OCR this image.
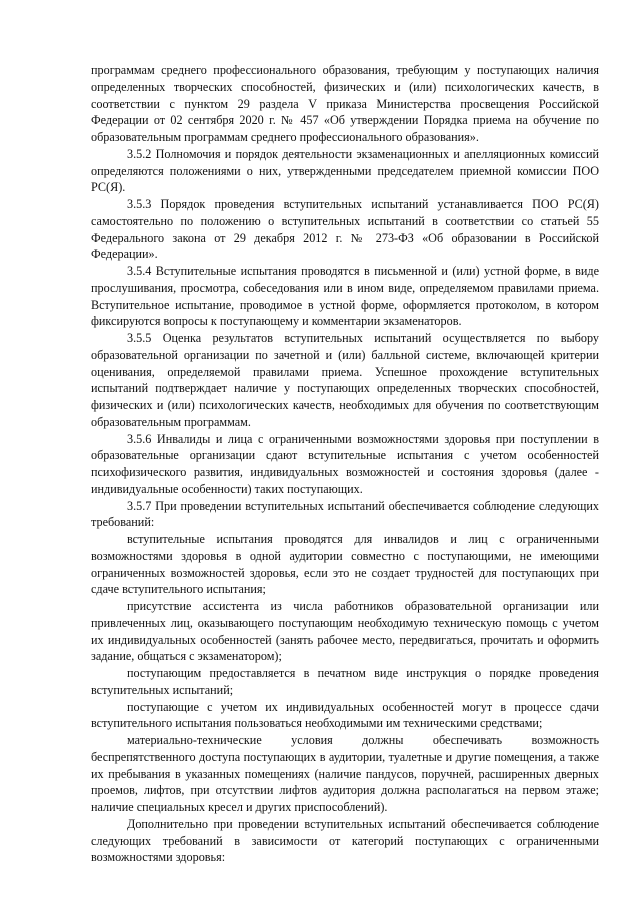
программам среднего профессионального образования, требующим у поступающих наличия определенных творческих способностей, физических и (или) психологических качеств, в соответствии с пунктом 29 раздела V приказа Министерства просвещения Российской Федерации от 02 сентября 2020 г. № 457 «Об утверждении Порядка приема на обучение по образовательным программам среднего профессионального образования».

3.5.2 Полномочия и порядок деятельности экзаменационных и апелляционных комиссий определяются положениями о них, утвержденными председателем приемной комиссии ПОО РС(Я).

3.5.3 Порядок проведения вступительных испытаний устанавливается ПОО РС(Я) самостоятельно по положению о вступительных испытаний в соответствии со статьей 55 Федерального закона от 29 декабря 2012 г. № 273-ФЗ «Об образовании в Российской Федерации».

3.5.4 Вступительные испытания проводятся в письменной и (или) устной форме, в виде прослушивания, просмотра, собеседования или в ином виде, определяемом правилами приема. Вступительное испытание, проводимое в устной форме, оформляется протоколом, в котором фиксируются вопросы к поступающему и комментарии экзаменаторов.

3.5.5 Оценка результатов вступительных испытаний осуществляется по выбору образовательной организации по зачетной и (или) балльной системе, включающей критерии оценивания, определяемой правилами приема. Успешное прохождение вступительных испытаний подтверждает наличие у поступающих определенных творческих способностей, физических и (или) психологических качеств, необходимых для обучения по соответствующим образовательным программам.

3.5.6 Инвалиды и лица с ограниченными возможностями здоровья при поступлении в образовательные организации сдают вступительные испытания с учетом особенностей психофизического развития, индивидуальных возможностей и состояния здоровья (далее - индивидуальные особенности) таких поступающих.

3.5.7 При проведении вступительных испытаний обеспечивается соблюдение следующих требований:

вступительные испытания проводятся для инвалидов и лиц с ограниченными возможностями здоровья в одной аудитории совместно с поступающими, не имеющими ограниченных возможностей здоровья, если это не создает трудностей для поступающих при сдаче вступительного испытания;

присутствие ассистента из числа работников образовательной организации или привлеченных лиц, оказывающего поступающим необходимую техническую помощь с учетом их индивидуальных особенностей (занять рабочее место, передвигаться, прочитать и оформить задание, общаться с экзаменатором);

поступающим предоставляется в печатном виде инструкция о порядке проведения вступительных испытаний;

поступающие с учетом их индивидуальных особенностей могут в процессе сдачи вступительного испытания пользоваться необходимыми им техническими средствами;

материально-технические условия должны обеспечивать возможность беспрепятственного доступа поступающих в аудитории, туалетные и другие помещения, а также их пребывания в указанных помещениях (наличие пандусов, поручней, расширенных дверных проемов, лифтов, при отсутствии лифтов аудитория должна располагаться на первом этаже; наличие специальных кресел и других приспособлений).

Дополнительно при проведении вступительных испытаний обеспечивается соблюдение следующих требований в зависимости от категорий поступающих с ограниченными возможностями здоровья:
